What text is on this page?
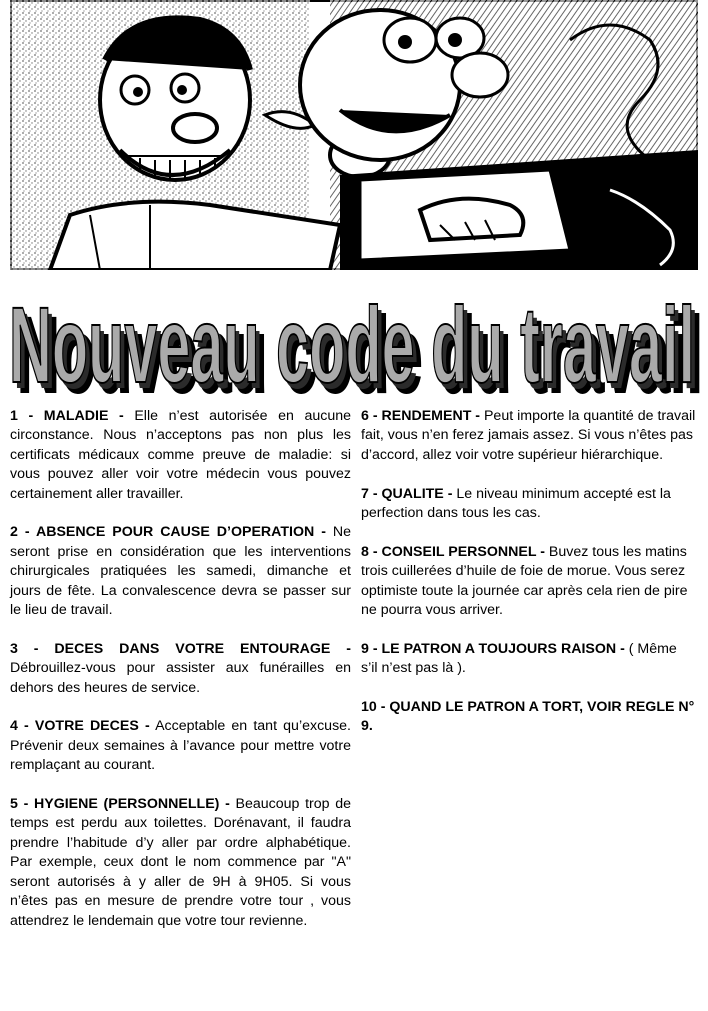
Nouveau code du travail
Nouveau code du travail
Nouveau code du travail

1 - MALADIE - Elle n’est autorisée en aucune circonstance. Nous n’acceptons pas non plus les certificats médicaux comme preuve de maladie: si vous pouvez aller voir votre médecin vous pouvez certainement aller travailler.

2 - ABSENCE POUR CAUSE D’OPERATION - Ne seront prise en considération que les interventions chirurgicales pratiquées les samedi, dimanche et jours de fête. La convalescence devra se passer sur le lieu de travail.

3 - DECES DANS VOTRE ENTOURAGE - Débrouillez-vous pour assister aux funérailles en dehors des heures de service.

4 - VOTRE DECES - Acceptable en tant qu’excuse. Prévenir deux semaines à l’avance pour mettre votre remplaçant au courant.

5 - HYGIENE (PERSONNELLE) - Beaucoup trop de temps est perdu aux toilettes. Dorénavant, il faudra prendre l’habitude d’y aller par ordre alphabétique. Par exemple, ceux dont le nom commence par "A" seront autorisés à y aller de 9H à 9H05. Si vous n’êtes pas en mesure de prendre votre tour , vous attendrez le lendemain que votre tour revienne.

6 - RENDEMENT - Peut importe la quantité de travail fait, vous n’en ferez jamais assez. Si vous n’êtes pas d’accord, allez voir votre supérieur hiérarchique.

7 - QUALITE - Le niveau minimum accepté est la perfection dans tous les cas.

8 - CONSEIL PERSONNEL - Buvez tous les matins trois cuillerées d’huile de foie de morue. Vous serez optimiste toute la journée car après cela rien de pire ne pourra vous arriver.

9 - LE PATRON A TOUJOURS RAISON - ( Même s’il n’est pas là ).

10 - QUAND LE PATRON A TORT, VOIR REGLE N° 9.
